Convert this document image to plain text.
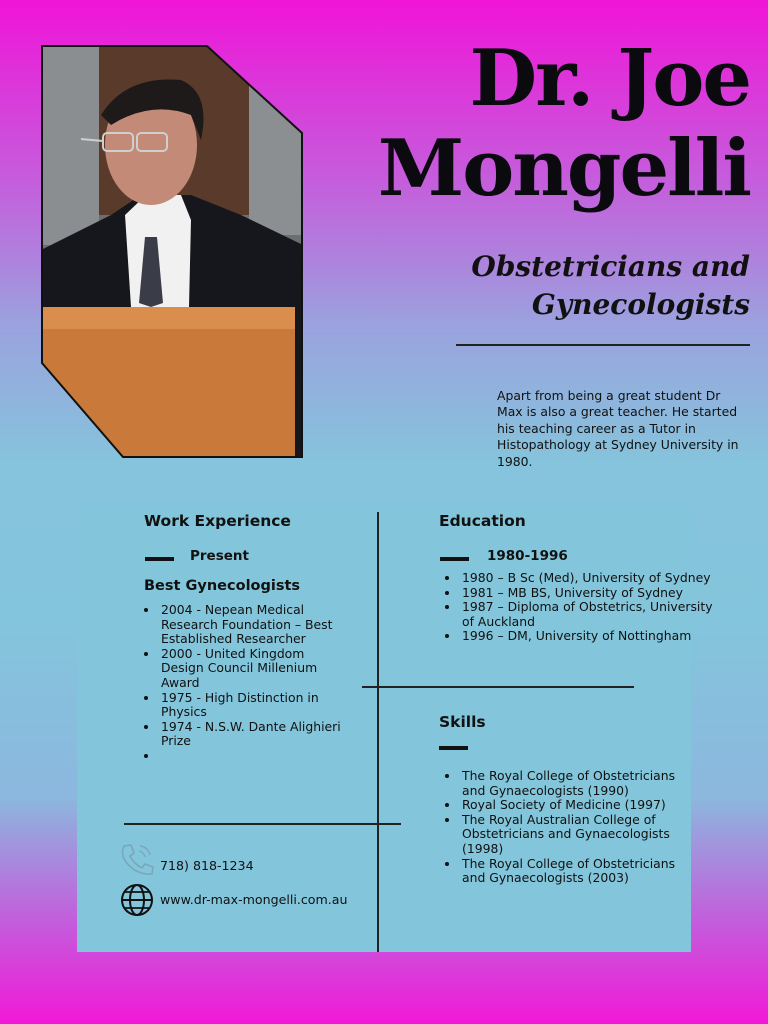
Dr. Joe
Mongelli
Obstetricians and
Gynecologists
Apart from being a great student Dr Max is also a great teacher. He started his teaching career as a Tutor in Histopathology at Sydney University in 1980.
Work Experience
Present
Best Gynecologists
• 2004 - Nepean Medical Research Foundation – Best Established Researcher
• 2000 - United Kingdom Design Council Millenium Award
• 1975 - High Distinction in Physics
• 1974 - N.S.W. Dante Alighieri Prize
•
Education
1980-1996
• 1980 – B Sc (Med), University of Sydney
• 1981 – MB BS, University of Sydney
• 1987 – Diploma of Obstetrics, University of Auckland
• 1996 – DM, University of Nottingham
Skills
• The Royal College of Obstetricians and Gynaecologists (1990)
• Royal Society of Medicine (1997)
• The Royal Australian College of Obstetricians and Gynaecologists (1998)
• The Royal College of Obstetricians and Gynaecologists (2003)
718) 818-1234
www.dr-max-mongelli.com.au
